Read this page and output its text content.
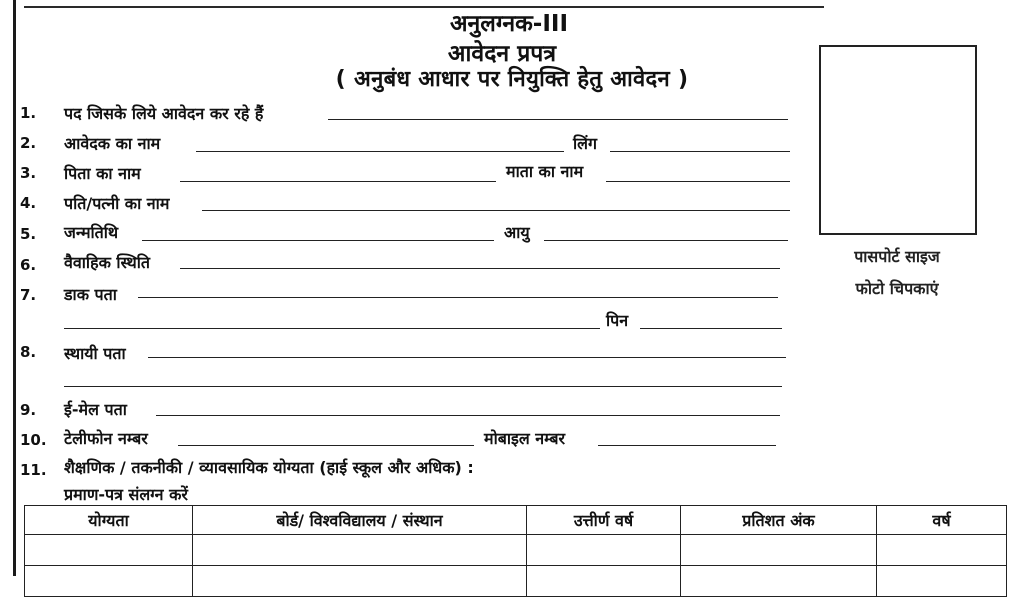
अनुलग्नक-III
आवेदन प्रपत्र
( अनुबंध आधार पर नियुक्ति हेतु आवेदन )
पासपोर्ट साइज
फोटो चिपकाएं
1. पद जिसके लिये आवेदन कर रहे हैं
2. आवेदक का नाम	लिंग
3. पिता का नाम	माता का नाम
4. पति/पत्नी का नाम
5. जन्मतिथि	आयु
6. वैवाहिक स्थिति
7. डाक पता
पिन
8. स्थायी पता
9. ई-मेल पता
10. टेलीफोन नम्बर	मोबाइल नम्बर
11. शैक्षणिक / तकनीकी / व्यावसायिक योग्यता (हाई स्कूल और अधिक) :
प्रमाण-पत्र संलग्न करें
योग्यता	बोर्ड/ विश्वविद्यालय / संस्थान	उत्तीर्ण वर्ष	प्रतिशत अंक	वर्ष
